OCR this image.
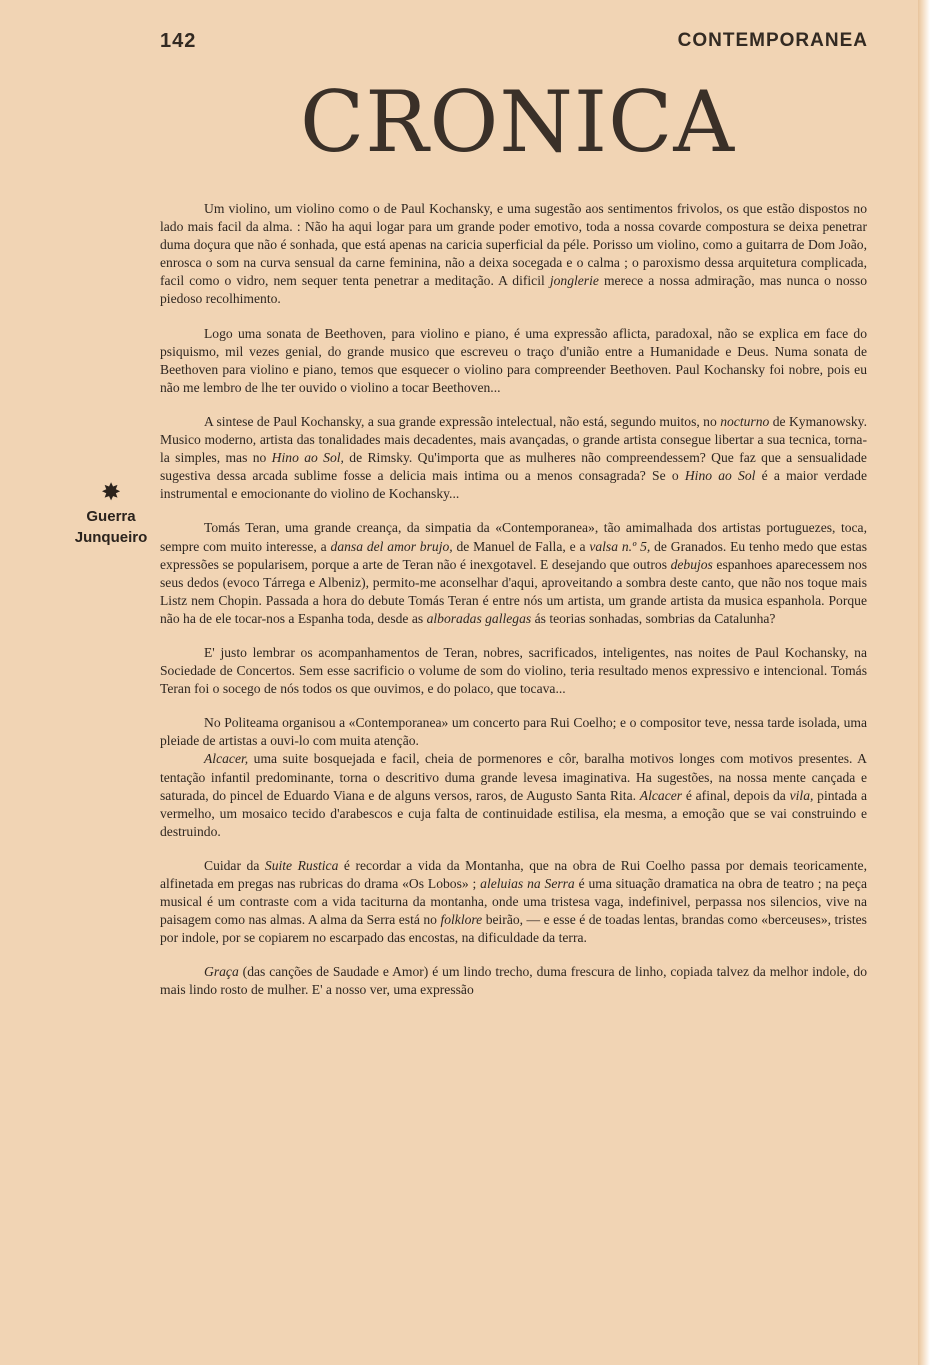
142	CONTEMPORANEA
CRONICA
✸
Guerra
Junqueiro

Um violino, um violino como o de Paul Kochansky, e uma sugestão aos sentimentos frivolos, os que estão dispostos no lado mais facil da alma. : Não ha aqui logar para um grande poder emotivo, toda a nossa covarde compostura se deixa penetrar duma doçura que não é sonhada, que está apenas na caricia superficial da péle. Porisso um violino, como a guitarra de Dom João, enrosca o som na curva sensual da carne feminina, não a deixa socegada e o calma ; o paroxismo dessa arquitetura complicada, facil como o vidro, nem sequer tenta penetrar a meditação. A dificil jonglerie merece a nossa admiração, mas nunca o nosso piedoso recolhimento.

Logo uma sonata de Beethoven, para violino e piano, é uma expressão aflicta, paradoxal, não se explica em face do psiquismo, mil vezes genial, do grande musico que escreveu o traço d'união entre a Humanidade e Deus. Numa sonata de Beethoven para violino e piano, temos que esquecer o violino para compreender Beethoven. Paul Kochansky foi nobre, pois eu não me lembro de lhe ter ouvido o violino a tocar Beethoven...

A sintese de Paul Kochansky, a sua grande expressão intelectual, não está, segundo muitos, no nocturno de Kymanowsky. Musico moderno, artista das tonalidades mais decadentes, mais avançadas, o grande artista consegue libertar a sua tecnica, torna-la simples, mas no Hino ao Sol, de Rimsky. Qu'importa que as mulheres não compreendessem? Que faz que a sensualidade sugestiva dessa arcada sublime fosse a delicia mais intima ou a menos consagrada? Se o Hino ao Sol é a maior verdade instrumental e emocionante do violino de Kochansky...

Tomás Teran, uma grande creança, da simpatia da «Contemporanea», tão amimalhada dos artistas portuguezes, toca, sempre com muito interesse, a dansa del amor brujo, de Manuel de Falla, e a valsa n.º 5, de Granados. Eu tenho medo que estas expressões se popularisem, porque a arte de Teran não é inexgotavel. E desejando que outros debujos espanhoes aparecessem nos seus dedos (evoco Tárrega e Albeniz), permito-me aconselhar d'aqui, aproveitando a sombra deste canto, que não nos toque mais Listz nem Chopin. Passada a hora do debute Tomás Teran é entre nós um artista, um grande artista da musica espanhola. Porque não ha de ele tocar-nos a Espanha toda, desde as alboradas gallegas ás teorias sonhadas, sombrias da Catalunha?

E' justo lembrar os acompanhamentos de Teran, nobres, sacrificados, inteligentes, nas noites de Paul Kochansky, na Sociedade de Concertos. Sem esse sacrificio o volume de som do violino, teria resultado menos expressivo e intencional. Tomás Teran foi o socego de nós todos os que ouvimos, e do polaco, que tocava...

No Politeama organisou a «Contemporanea» um concerto para Rui Coelho; e o compositor teve, nessa tarde isolada, uma pleiade de artistas a ouvi-lo com muita atenção.

Alcacer, uma suite bosquejada e facil, cheia de pormenores e côr, baralha motivos longes com motivos presentes. A tentação infantil predominante, torna o descritivo duma grande levesa imaginativa. Ha sugestões, na nossa mente cançada e saturada, do pincel de Eduardo Viana e de alguns versos, raros, de Augusto Santa Rita. Alcacer é afinal, depois da vila, pintada a vermelho, um mosaico tecido d'arabescos e cuja falta de continuidade estilisa, ela mesma, a emoção que se vai construindo e destruindo.

Cuidar da Suite Rustica é recordar a vida da Montanha, que na obra de Rui Coelho passa por demais teoricamente, alfinetada em pregas nas rubricas do drama «Os Lobos» ; aleluias na Serra é uma situação dramatica na obra de teatro ; na peça musical é um contraste com a vida taciturna da montanha, onde uma tristesa vaga, indefinivel, perpassa nos silencios, vive na paisagem como nas almas. A alma da Serra está no folklore beirão, — e esse é de toadas lentas, brandas como «berceuses», tristes por indole, por se copiarem no escarpado das encostas, na dificuldade da terra.

Graça (das canções de Saudade e Amor) é um lindo trecho, duma frescura de linho, copiada talvez da melhor indole, do mais lindo rosto de mulher. E' a nosso ver, uma expressão
